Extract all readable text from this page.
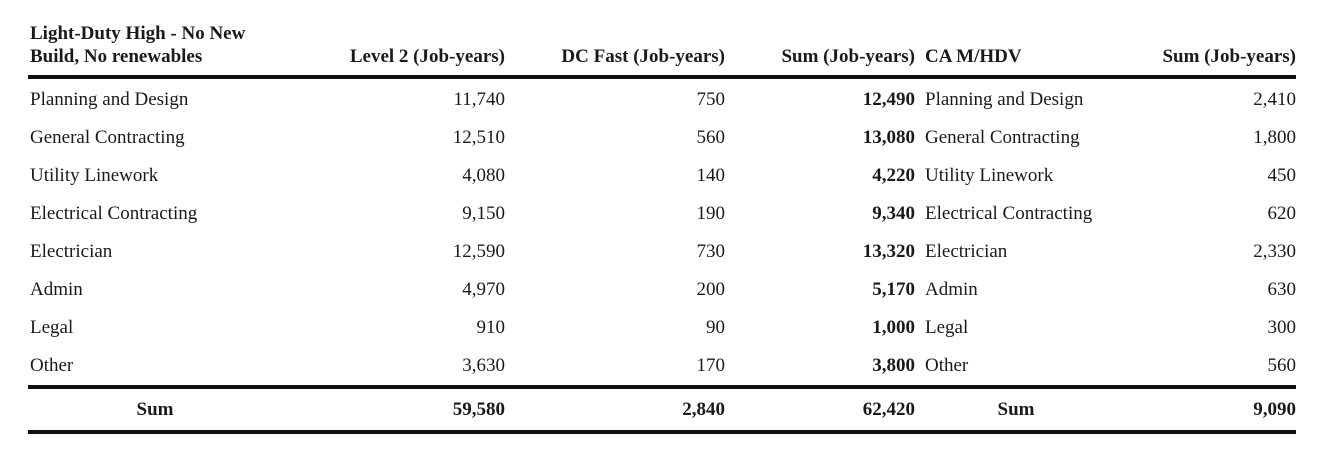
Light-Duty High - No New Build, No renewables	Level 2 (Job-years)	DC Fast (Job-years)	Sum (Job-years)	CA M/HDV	Sum (Job-years)
Planning and Design	11,740	750	12,490	Planning and Design	2,410
General Contracting	12,510	560	13,080	General Contracting	1,800
Utility Linework	4,080	140	4,220	Utility Linework	450
Electrical Contracting	9,150	190	9,340	Electrical Contracting	620
Electrician	12,590	730	13,320	Electrician	2,330
Admin	4,970	200	5,170	Admin	630
Legal	910	90	1,000	Legal	300
Other	3,630	170	3,800	Other	560
Sum	59,580	2,840	62,420	Sum	9,090
